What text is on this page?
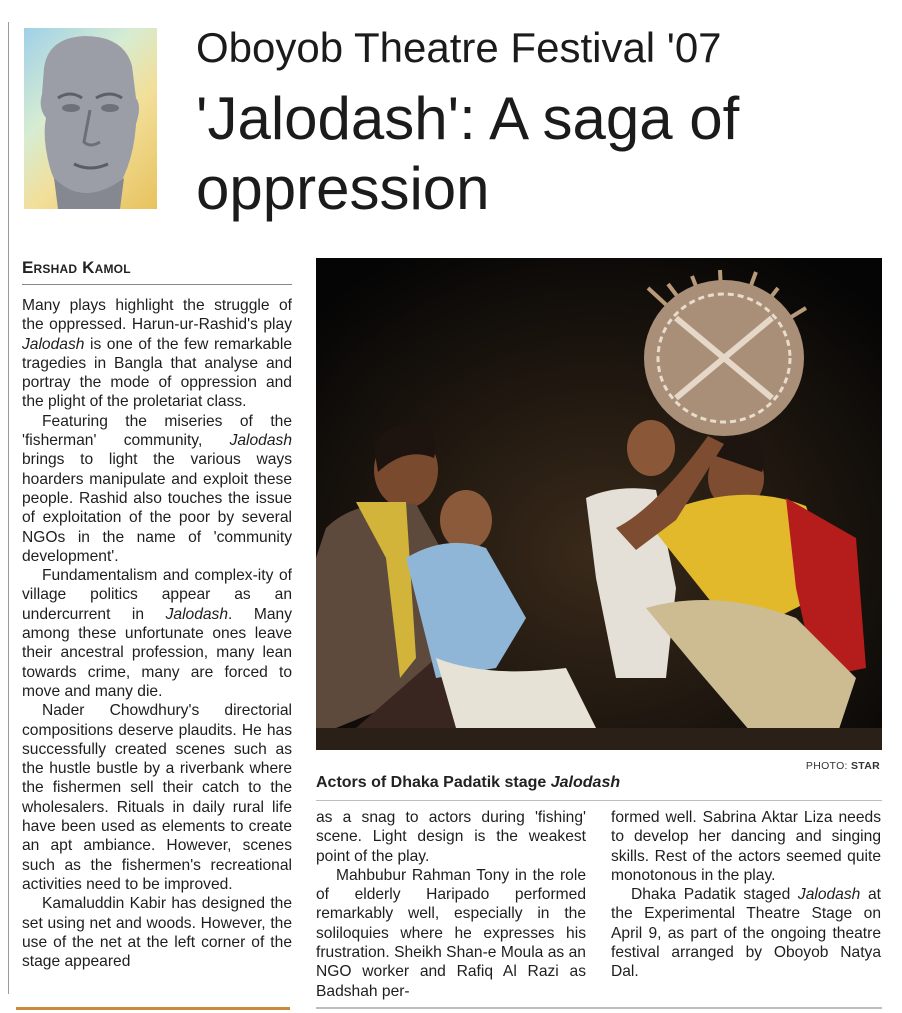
Oboyob Theatre Festival '07
'Jalodash': A saga of oppression
Ershad Kamol

Many plays highlight the struggle of the oppressed. Harun-ur-Rashid's play Jalodash is one of the few remarkable tragedies in Bangla that analyse and portray the mode of oppression and the plight of the proletariat class.

Featuring the miseries of the 'fisherman' community, Jalodash brings to light the various ways hoarders manipulate and exploit these people. Rashid also touches the issue of exploitation of the poor by several NGOs in the name of 'community development'.

Fundamentalism and complex-ity of village politics appear as an undercurrent in Jalodash. Many among these unfortunate ones leave their ancestral profession, many lean towards crime, many are forced to move and many die.

Nader Chowdhury's directorial compositions deserve plaudits. He has successfully created scenes such as the hustle bustle by a riverbank where the fishermen sell their catch to the wholesalers. Rituals in daily rural life have been used as elements to create an apt ambiance. However, scenes such as the fishermen's recreational activities need to be improved.

Kamaluddin Kabir has designed the set using net and woods. However, the use of the net at the left corner of the stage appeared

PHOTO: STAR
Actors of Dhaka Padatik stage Jalodash

as a snag to actors during 'fishing' scene. Light design is the weakest point of the play.

Mahbubur Rahman Tony in the role of elderly Haripado performed remarkably well, especially in the soliloquies where he expresses his frustration. Sheikh Shan-e Moula as an NGO worker and Rafiq Al Razi as Badshah per-

formed well. Sabrina Aktar Liza needs to develop her dancing and singing skills. Rest of the actors seemed quite monotonous in the play.

Dhaka Padatik staged Jalodash at the Experimental Theatre Stage on April 9, as part of the ongoing theatre festival arranged by Oboyob Natya Dal.
